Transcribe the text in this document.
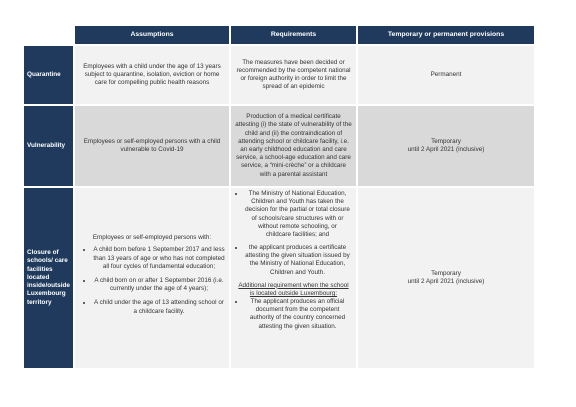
Assumptions	Requirements	Temporary or permanent provisions
Quarantine
Employees with a child under the age of 13 years subject to quarantine, isolation, eviction or home care for compelling public health reasons
The measures have been decided or recommended by the competent national or foreign authority in order to limit the spread of an epidemic
Permanent
Vulnerability
Employees or self-employed persons with a child vulnerable to Covid-19
Production of a medical certificate attesting (i) the state of vulnerability of the child and (ii) the contraindication of attending school or childcare facility, i.e. an early childhood education and care service, a school-age education and care service, a “mini-crèche” or a childcare with a parental assistant

Temporary

until 2 April 2021 (inclusive)

Closure of schools/ care facilities located inside/outside Luxembourg territory

Employees or self-employed persons with:

• A child born before 1 September 2017 and less than 13 years of age or who has not completed all four cycles of fundamental education;
• A child born on or after 1 September 2016 (i.e. currently under the age of 4 years);
• A child under the age of 13 attending school or a childcare facility.
• The Ministry of National Education, Children and Youth has taken the decision for the partial or total closure of schools/care structures with or without remote schooling, or childcare facilities; and
• the applicant produces a certificate attesting the given situation issued by the Ministry of National Education, Children and Youth.

Additional requirement when the school is located outside Luxembourg:

• The applicant produces an official document from the competent authority of the country concerned attesting the given situation.

Temporary

until 2 April 2021 (inclusive)
